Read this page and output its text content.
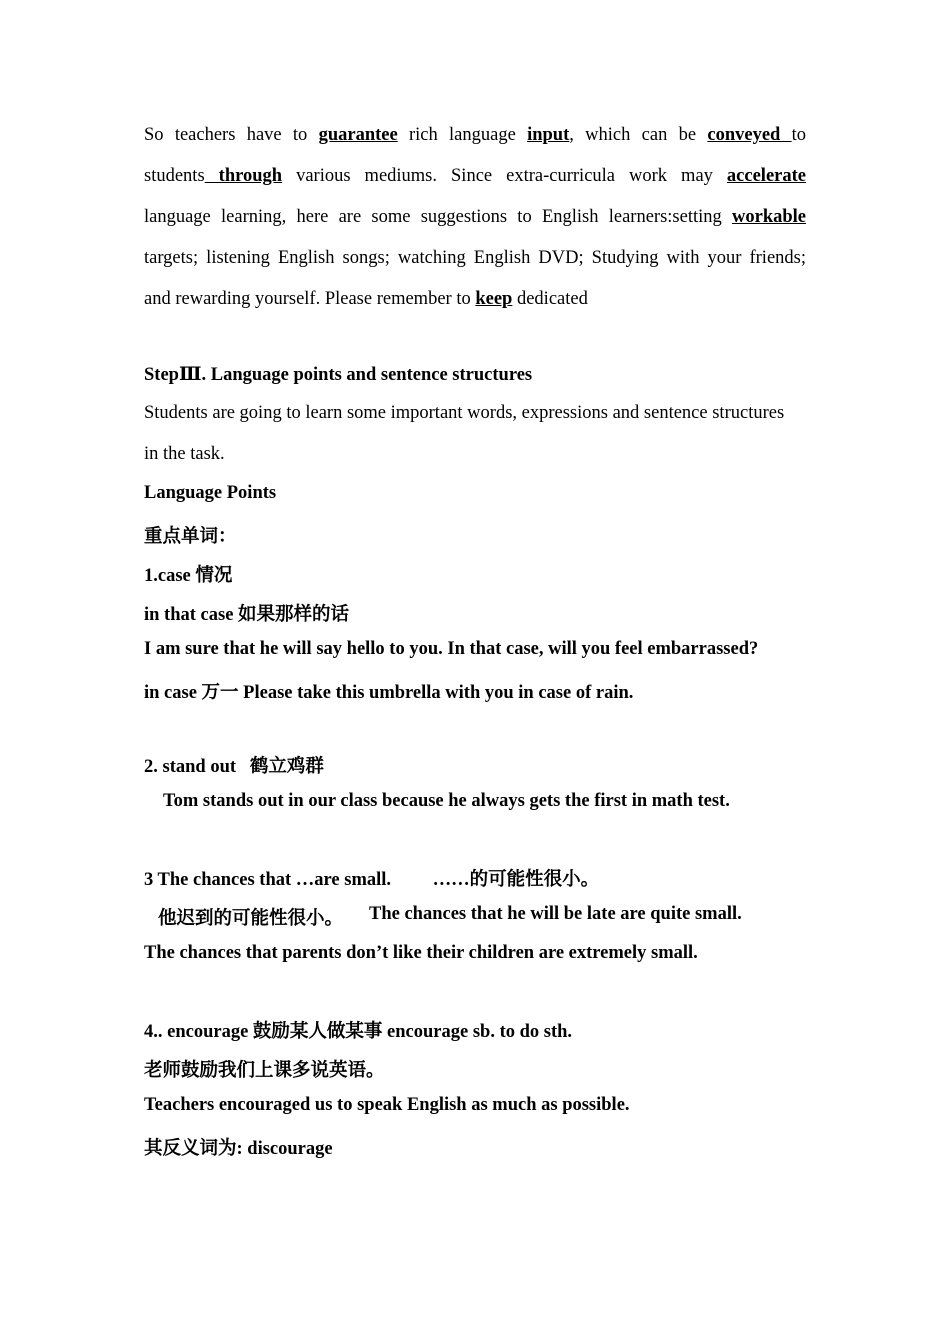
So teachers have to guarantee rich language input, which can be conveyed to
students through various mediums. Since extra-curricula work may accelerate
language learning, here are some suggestions to English learners:setting workable
targets; listening English songs; watching English DVD; Studying with your friends;
and rewarding yourself. Please remember to keep dedicated
StepⅢ. Language points and sentence structures
Students are going to learn some important words, expressions and sentence structures
in the task.
Language Points
重点单词：
1.case 情况
in that case 如果那样的话
I am sure that he will say hello to you. In that case, will you feel embarrassed?
in case 万一 Please take this umbrella with you in case of rain.
2. stand out   鹤立鸡群
Tom stands out in our class because he always gets the first in math test.
3 The chances that …are small.         ……的可能性很小。
他迟到的可能性很小。 The chances that he will be late are quite small.
The chances that parents don’t like their children are extremely small.
4.. encourage 鼓励某人做某事 encourage sb. to do sth.
老师鼓励我们上课多说英语。
Teachers encouraged us to speak English as much as possible.
其反义词为: discourage
